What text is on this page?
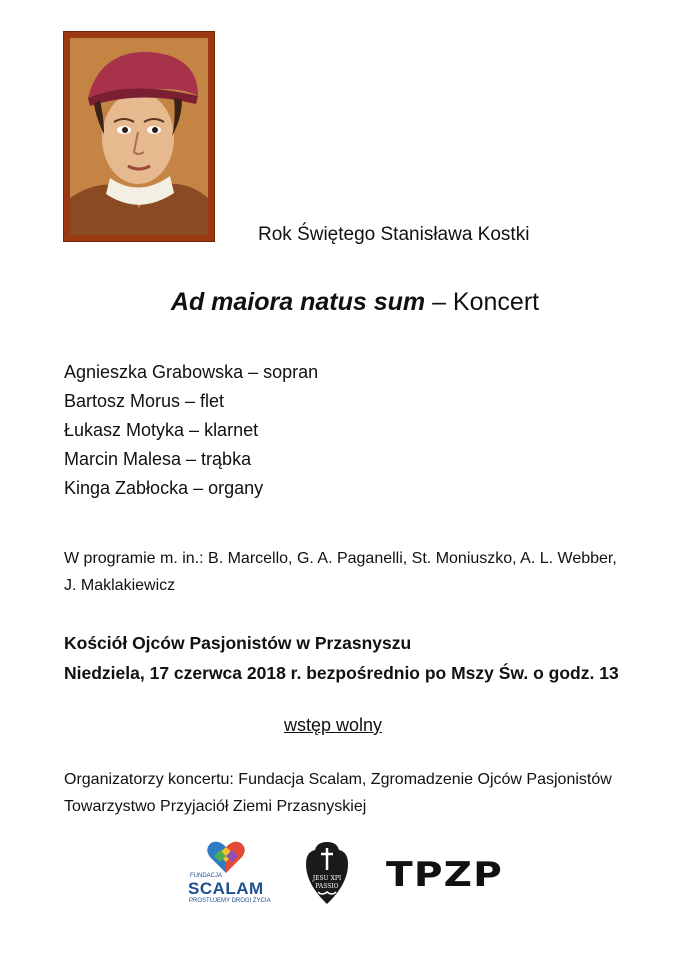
Rok Świętego Stanisława Kostki
Ad maiora natus sum – Koncert
Agnieszka Grabowska – sopran
Bartosz Morus – flet
Łukasz Motyka – klarnet
Marcin Malesa – trąbka
Kinga Zabłocka – organy
W programie m. in.: B. Marcello, G. A. Paganelli, St. Moniuszko, A. L. Webber,
J. Maklakiewicz
Kościół Ojców Pasjonistów w Przasnyszu
Niedziela, 17 czerwca 2018 r. bezpośrednio po Mszy Św. o godz. 13
wstęp wolny
Organizatorzy koncertu: Fundacja Scalam, Zgromadzenie Ojców Pasjonistów
Towarzystwo Przyjaciół Ziemi Przasnyskiej
FUNDACJA
SCALAM
PROSTUJEMY DROGI ŻYCIA
JESU XPI
PASSIO TPZP
